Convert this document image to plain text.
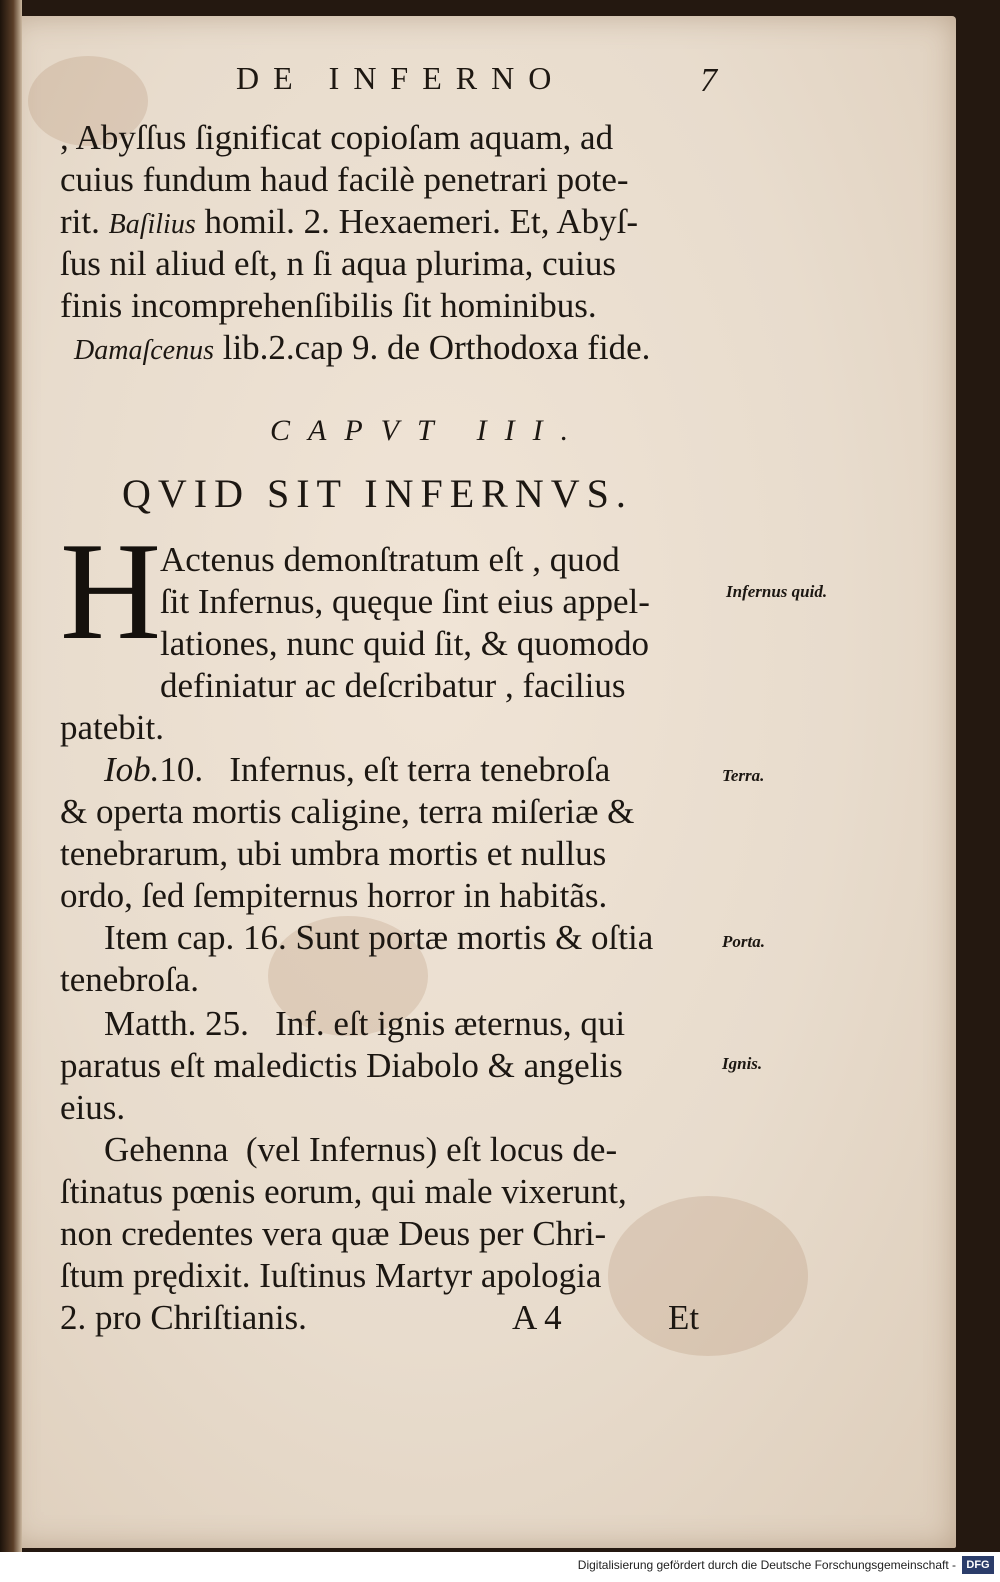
DE INFERNO	7
, Abyſſus ſignificat copioſam aquam, ad
cuius fundum haud facilè penetrari pote-
rit. Baſilius homil. 2. Hexaemeri. Et, Abyſ-
ſus nil aliud eſt, n ſi aqua plurima, cuius
finis incomprehenſibilis ſit hominibus.
Damaſcenus lib.2.cap 9. de Orthodoxa fide.
CAPVT III.
QVID SIT INFERNVS.
H
Actenus demonſtratum eſt , quod
ſit Infernus, quęque ſint eius appel-
lationes, nunc quid ſit, & quomodo
definiatur ac deſcribatur , facilius
patebit.
Iob.10.   Infernus, eſt terra tenebroſa
& operta mortis caligine, terra miſeriæ &
tenebrarum, ubi umbra mortis et nullus
ordo, ſed ſempiternus horror in habitãs.
Item cap. 16. Sunt portæ mortis & oſtia
tenebroſa.
Matth. 25.   Inf. eſt ignis æternus, qui
paratus eſt maledictis Diabolo & angelis
eius.
Gehenna  (vel Infernus) eſt locus de-
ſtinatus pœnis eorum, qui male vixerunt,
non credentes vera quæ Deus per Chri-
ſtum prędixit. Iuſtinus Martyr apologia
2. pro Chriſtianis.	A 4	Et
Infernus quid.
Terra.
Porta.
Ignis.
Digitalisierung gefördert durch die Deutsche Forschungsgemeinschaft - DFG
